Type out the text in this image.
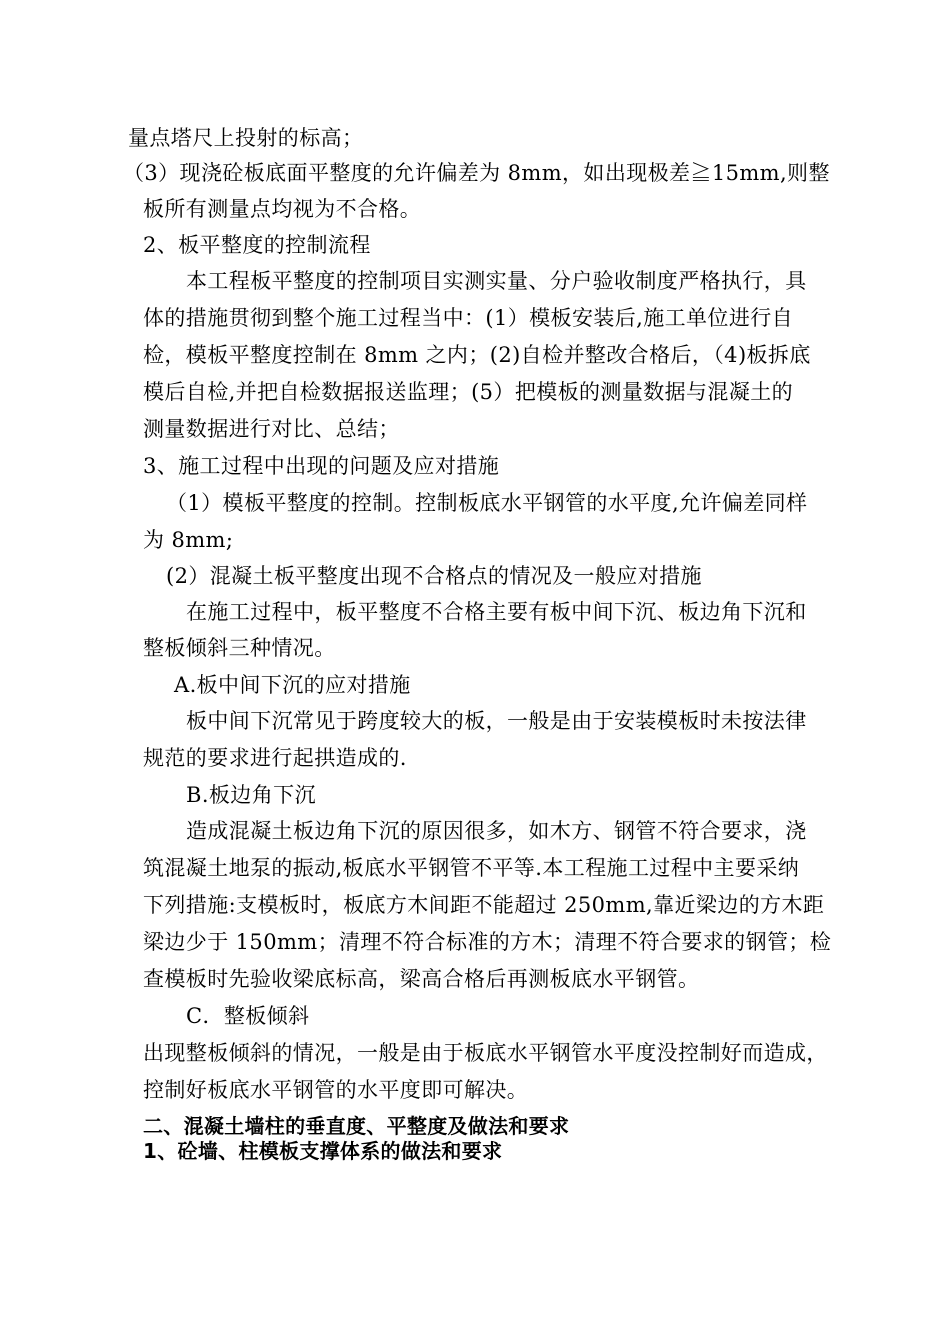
量点塔尺上投射的标高；
（3）现浇砼板底面平整度的允许偏差为 8mm，如出现极差≧15mm,则整
板所有测量点均视为不合格。
2、板平整度的控制流程
本工程板平整度的控制项目实测实量、分户验收制度严格执行，具
体的措施贯彻到整个施工过程当中：(1）模板安装后,施工单位进行自
检，模板平整度控制在 8mm 之内；(2)自检并整改合格后，（4)板拆底
模后自检,并把自检数据报送监理；(5）把模板的测量数据与混凝土的
测量数据进行对比、总结；
3、施工过程中出现的问题及应对措施
（1）模板平整度的控制。控制板底水平钢管的水平度,允许偏差同样
为 8mm;
(2）混凝土板平整度出现不合格点的情况及一般应对措施
在施工过程中，板平整度不合格主要有板中间下沉、板边角下沉和
整板倾斜三种情况。
A.板中间下沉的应对措施
板中间下沉常见于跨度较大的板，一般是由于安装模板时未按法律
规范的要求进行起拱造成的.
B.板边角下沉
造成混凝土板边角下沉的原因很多，如木方、钢管不符合要求，浇
筑混凝土地泵的振动,板底水平钢管不平等.本工程施工过程中主要采纳
下列措施:支模板时，板底方木间距不能超过 250mm,靠近梁边的方木距
梁边少于 150mm；清理不符合标准的方木；清理不符合要求的钢管；检
查模板时先验收梁底标高，梁高合格后再测板底水平钢管。
C．整板倾斜
出现整板倾斜的情况，一般是由于板底水平钢管水平度没控制好而造成，
控制好板底水平钢管的水平度即可解决。
二、混凝土墙柱的垂直度、平整度及做法和要求
1、砼墙、柱模板支撑体系的做法和要求
